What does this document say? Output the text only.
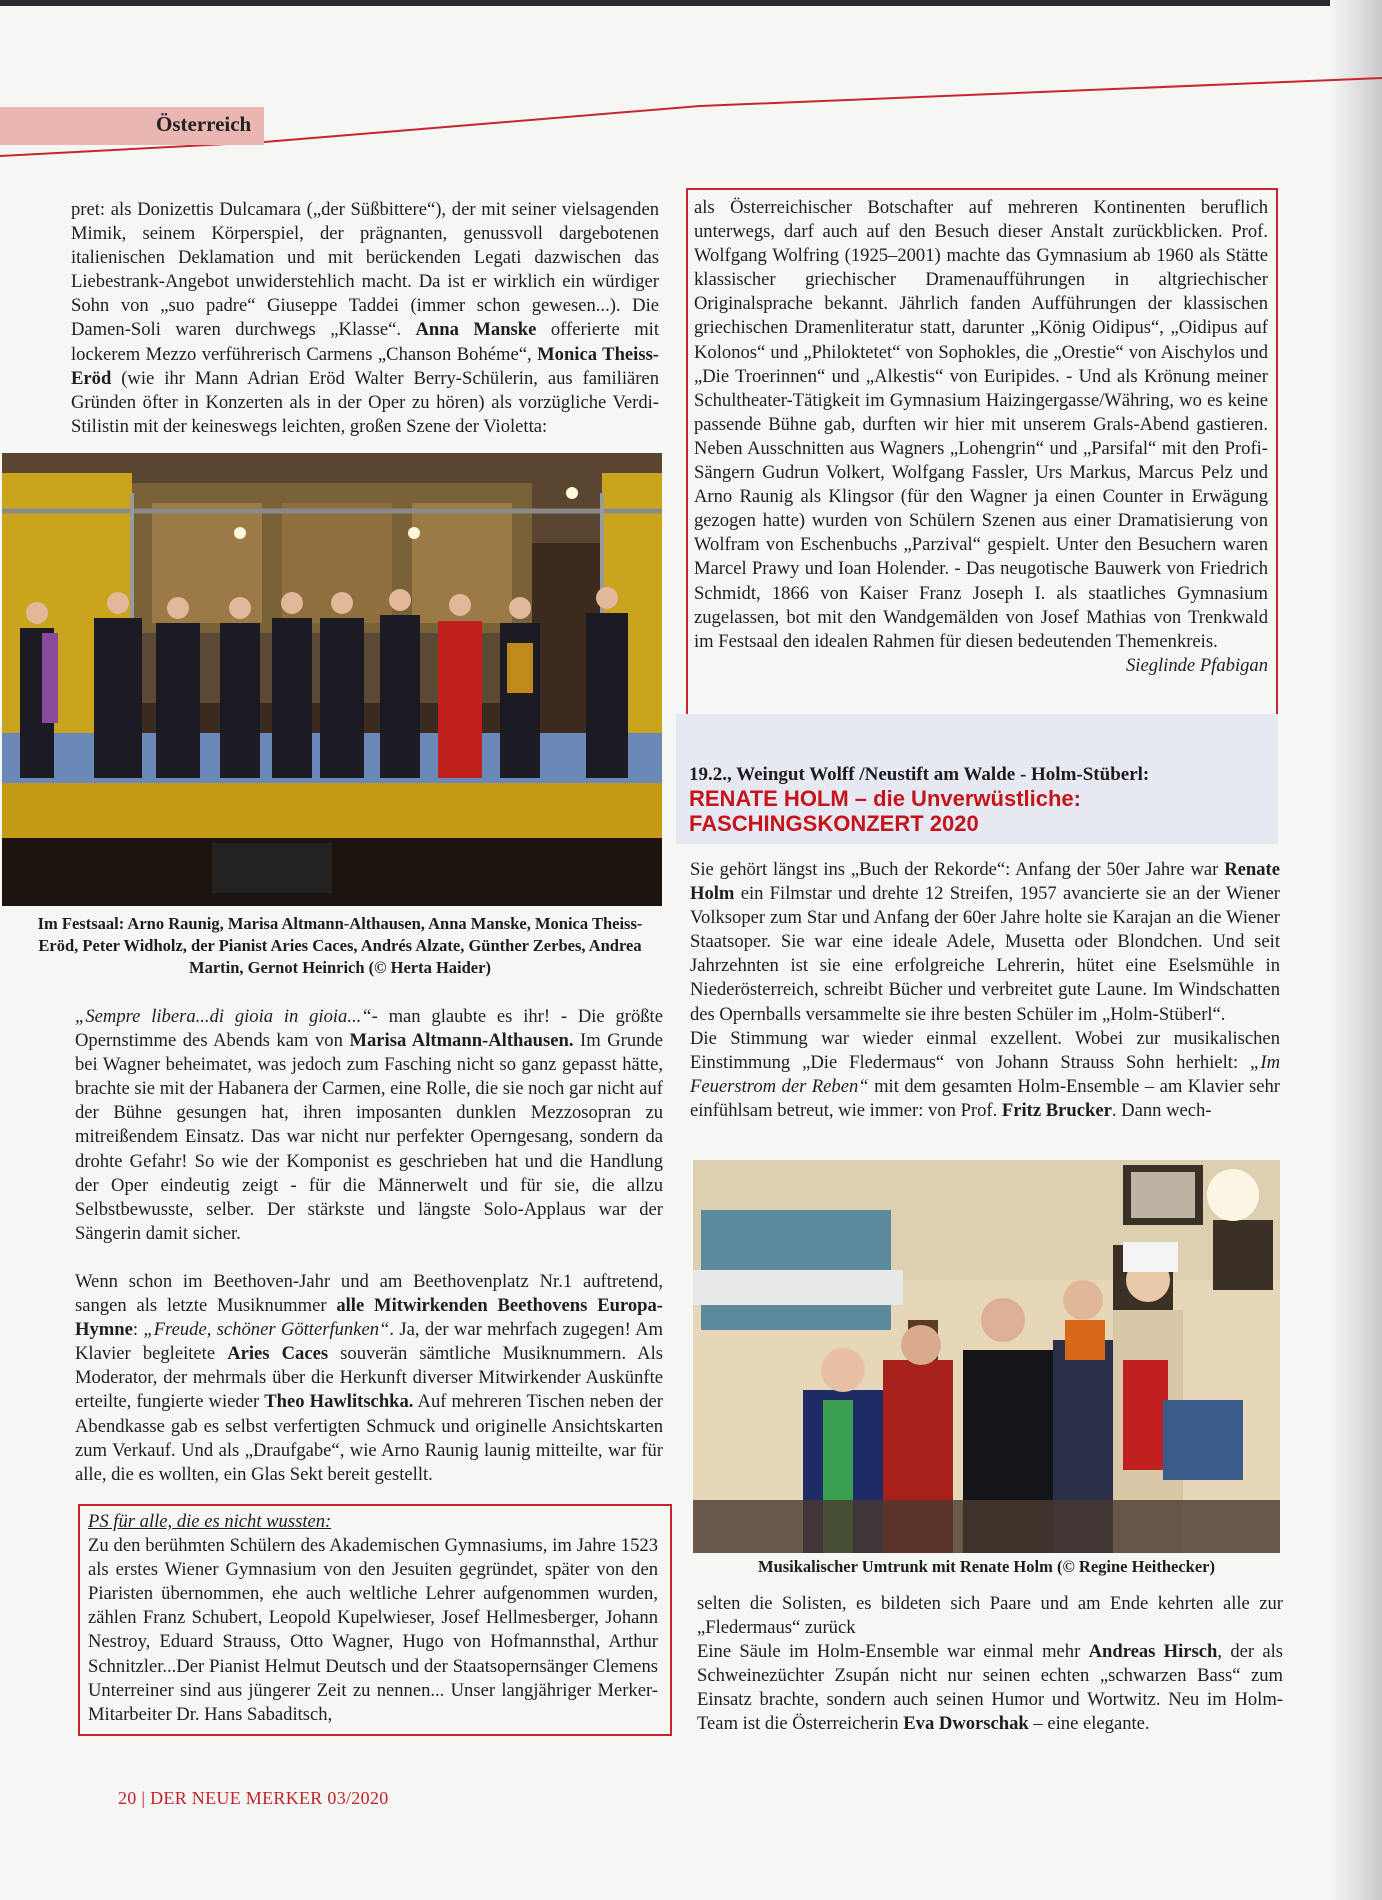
Österreich

pret: als Donizettis Dulcamara („der Süßbittere“), der mit seiner vielsagenden Mimik, seinem Körperspiel, der prägnanten, genussvoll dargebotenen italienischen Deklamation und mit berückenden Legati dazwischen das Liebestrank-Angebot unwiderstehlich macht. Da ist er wirklich ein würdiger Sohn von „suo padre“ Giuseppe Taddei (immer schon gewesen...). Die Damen-Soli waren durchwegs „Klasse“. Anna Manske offerierte mit lockerem Mezzo verführerisch Carmens „Chanson Bohéme“, Monica Theiss-Eröd (wie ihr Mann Adrian Eröd Walter Berry-Schülerin, aus familiären Gründen öfter in Konzerten als in der Oper zu hören) als vorzügliche Verdi-Stilistin mit der keineswegs leichten, großen Szene der Violetta:

Im Festsaal: Arno Raunig, Marisa Altmann-Althausen, Anna Manske, Monica Theiss-Eröd, Peter Widholz, der Pianist Aries Caces, Andrés Alzate, Günther Zerbes, Andrea Martin, Gernot Heinrich (© Herta Haider)

„Sempre libera...di gioia in gioia...“- man glaubte es ihr! - Die größte Opernstimme des Abends kam von Marisa Altmann-Althausen. Im Grunde bei Wagner beheimatet, was jedoch zum Fasching nicht so ganz gepasst hätte, brachte sie mit der Habanera der Carmen, eine Rolle, die sie noch gar nicht auf der Bühne gesungen hat, ihren imposanten dunklen Mezzosopran zu mitreißendem Einsatz. Das war nicht nur perfekter Operngesang, sondern da drohte Gefahr! So wie der Komponist es geschrieben hat und die Handlung der Oper eindeutig zeigt - für die Männerwelt und für sie, die allzu Selbstbewusste, selber. Der stärkste und längste Solo-Applaus war der Sängerin damit sicher.

Wenn schon im Beethoven-Jahr und am Beethovenplatz Nr.1 auftretend, sangen als letzte Musiknummer alle Mitwirkenden Beethovens Europa-Hymne: „Freude, schöner Götterfunken“. Ja, der war mehrfach zugegen! Am Klavier begleitete Aries Caces souverän sämtliche Musiknummern. Als Moderator, der mehrmals über die Herkunft diverser Mitwirkender Auskünfte erteilte, fungierte wieder Theo Hawlitschka. Auf mehreren Tischen neben der Abendkasse gab es selbst verfertigten Schmuck und originelle Ansichtskarten zum Verkauf. Und als „Draufgabe“, wie Arno Raunig launig mitteilte, war für alle, die es wollten, ein Glas Sekt bereit gestellt.

PS für alle, die es nicht wussten:

Zu den berühmten Schülern des Akademischen Gymnasiums, im Jahre 1523 als erstes Wiener Gymnasium von den Jesuiten gegründet, später von den Piaristen übernommen, ehe auch weltliche Lehrer aufgenommen wurden, zählen Franz Schubert, Leopold Kupelwieser, Josef Hellmesberger, Johann Nestroy, Eduard Strauss, Otto Wagner, Hugo von Hofmannsthal, Arthur Schnitzler...Der Pianist Helmut Deutsch und der Staatsopernsänger Clemens Unterreiner sind aus jüngerer Zeit zu nennen... Unser langjähriger Merker-Mitarbeiter Dr. Hans Sabaditsch,

als Österreichischer Botschafter auf mehreren Kontinenten beruflich unterwegs, darf auch auf den Besuch dieser Anstalt zurückblicken. Prof. Wolfgang Wolfring (1925–2001) machte das Gymnasium ab 1960 als Stätte klassischer griechischer Dramenaufführungen in altgriechischer Originalsprache bekannt. Jährlich fanden Aufführungen der klassischen griechischen Dramenliteratur statt, darunter „König Oidipus“, „Oidipus auf Kolonos“ und „Philoktetet“ von Sophokles, die „Orestie“ von Aischylos und „Die Troerinnen“ und „Alkestis“ von Euripides. - Und als Krönung meiner Schultheater-Tätigkeit im Gymnasium Haizingergasse/Währing, wo es keine passende Bühne gab, durften wir hier mit unserem Grals-Abend gastieren. Neben Ausschnitten aus Wagners „Lohengrin“ und „Parsifal“ mit den Profi-Sängern Gudrun Volkert, Wolfgang Fassler, Urs Markus, Marcus Pelz und Arno Raunig als Klingsor (für den Wagner ja einen Counter in Erwägung gezogen hatte) wurden von Schülern Szenen aus einer Dramatisierung von Wolfram von Eschenbuchs „Parzival“ gespielt. Unter den Besuchern waren Marcel Prawy und Ioan Holender. - Das neugotische Bauwerk von Friedrich Schmidt, 1866 von Kaiser Franz Joseph I. als staatliches Gymnasium zugelassen, bot mit den Wandgemälden von Josef Mathias von Trenkwald im Festsaal den idealen Rahmen für diesen bedeutenden Themenkreis.

Sieglinde Pfabigan
19.2., Weingut Wolff /Neustift am Walde - Holm-Stüberl:
RENATE HOLM – die Unverwüstliche:
FASCHINGSKONZERT 2020

Sie gehört längst ins „Buch der Rekorde“: Anfang der 50er Jahre war Renate Holm ein Filmstar und drehte 12 Streifen, 1957 avancierte sie an der Wiener Volksoper zum Star und Anfang der 60er Jahre holte sie Karajan an die Wiener Staatsoper. Sie war eine ideale Adele, Musetta oder Blondchen. Und seit Jahrzehnten ist sie eine erfolgreiche Lehrerin, hütet eine Eselsmühle in Niederösterreich, schreibt Bücher und verbreitet gute Laune. Im Windschatten des Opernballs versammelte sie ihre besten Schüler im „Holm-Stüberl“.

Die Stimmung war wieder einmal exzellent. Wobei zur musikalischen Einstimmung „Die Fledermaus“ von Johann Strauss Sohn herhielt: „Im Feuerstrom der Reben“ mit dem gesamten Holm-Ensemble – am Klavier sehr einfühlsam betreut, wie immer: von Prof. Fritz Brucker. Dann wech-

Musikalischer Umtrunk mit Renate Holm (© Regine Heithecker)

selten die Solisten, es bildeten sich Paare und am Ende kehrten alle zur „Fledermaus“ zurück

Eine Säule im Holm-Ensemble war einmal mehr Andreas Hirsch, der als Schweinezüchter Zsupán nicht nur seinen echten „schwarzen Bass“ zum Einsatz brachte, sondern auch seinen Humor und Wortwitz. Neu im Holm-Team ist die Österreicherin Eva Dworschak – eine elegante.

20 | DER NEUE MERKER 03/2020
